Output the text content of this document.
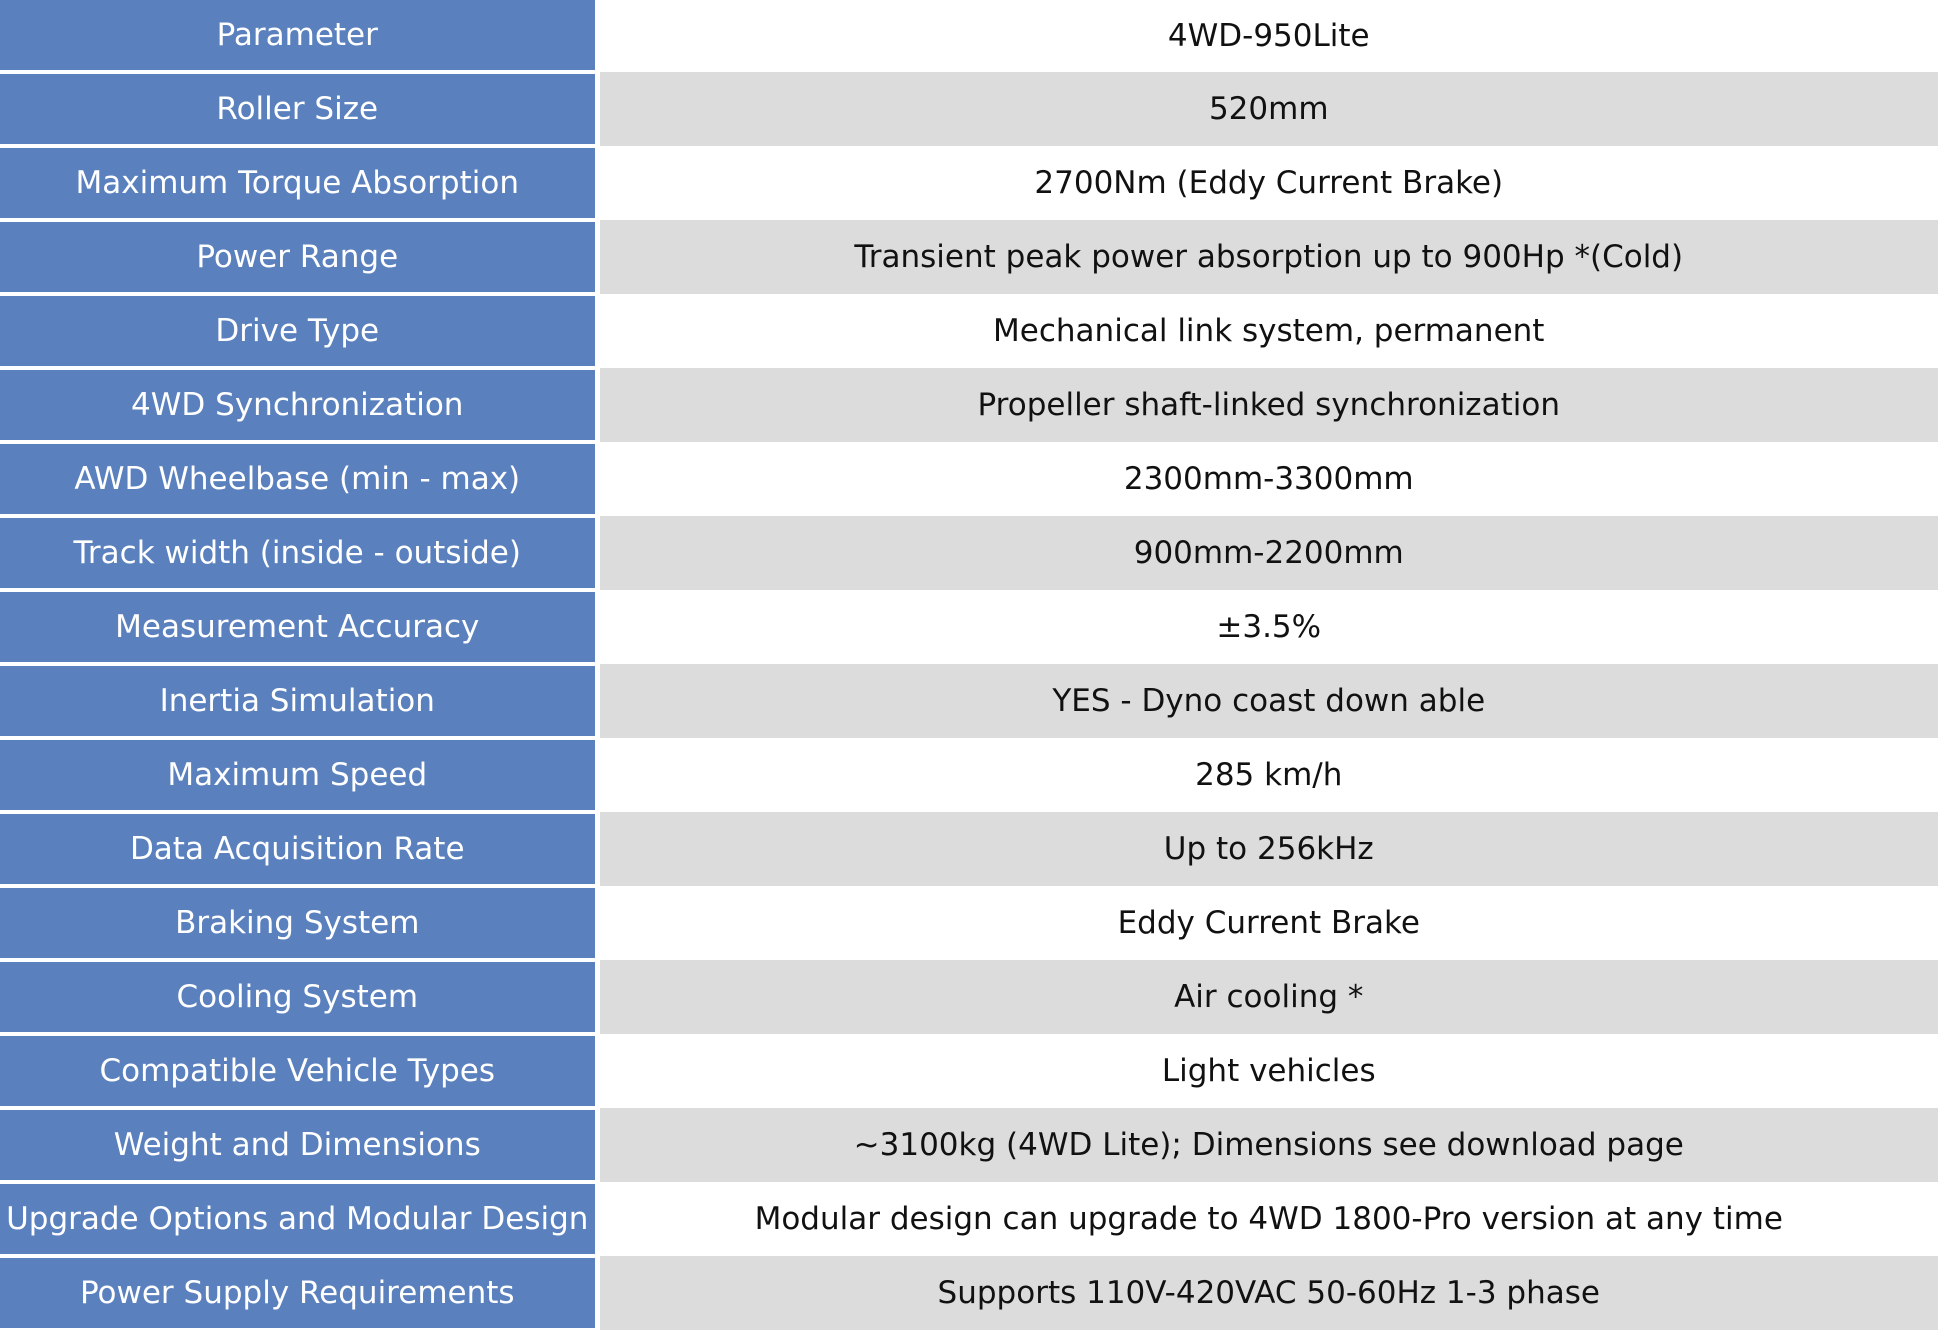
Parameter	4WD-950Lite
Roller Size	520mm
Maximum Torque Absorption	2700Nm (Eddy Current Brake)
Power Range	Transient peak power absorption up to 900Hp *(Cold)
Drive Type	Mechanical link system, permanent
4WD Synchronization	Propeller shaft-linked synchronization
AWD Wheelbase (min - max)	2300mm-3300mm
Track width (inside - outside)	900mm-2200mm
Measurement Accuracy	±3.5%
Inertia Simulation	YES - Dyno coast down able
Maximum Speed	285 km/h
Data Acquisition Rate	Up to 256kHz
Braking System	Eddy Current Brake
Cooling System	Air cooling *
Compatible Vehicle Types	Light vehicles
Weight and Dimensions	~3100kg (4WD Lite); Dimensions see download page
Upgrade Options and Modular Design	Modular design can upgrade to 4WD 1800-Pro version at any time
Power Supply Requirements	Supports 110V-420VAC 50-60Hz 1-3 phase
